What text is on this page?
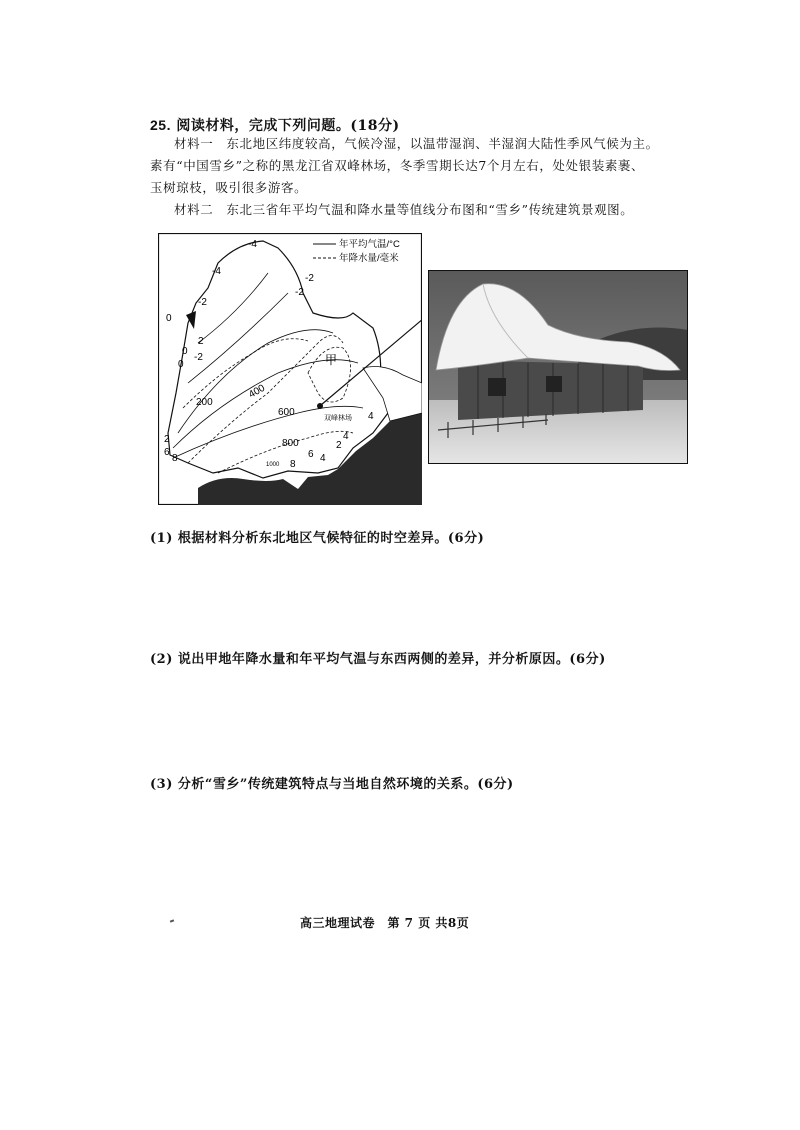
25. 阅读材料，完成下列问题。(18分)
材料一　东北地区纬度较高，气候冷湿，以温带湿润、半湿润大陆性季风气候为主。
素有“中国雪乡”之称的黑龙江省双峰林场，冬季雪期长达7个月左右，处处银装素裹、
玉树琼枝，吸引很多游客。
材料二　东北三省年平均气温和降水量等值线分布图和“雪乡”传统建筑景观图。
年平均气温/°C
年降水量/毫米
双峰林场
甲
-4
-4
-2
-2
-2
-2
0
0
0
2
2
2
4
4
4
6	6
8
8
200
400
600
800
1000
(1) 根据材料分析东北地区气候特征的时空差异。(6分)
(2) 说出甲地年降水量和年平均气温与东西两侧的差异，并分析原因。(6分)
(3) 分析“雪乡”传统建筑特点与当地自然环境的关系。(6分)
高三地理试卷　第 7 页 共8页
